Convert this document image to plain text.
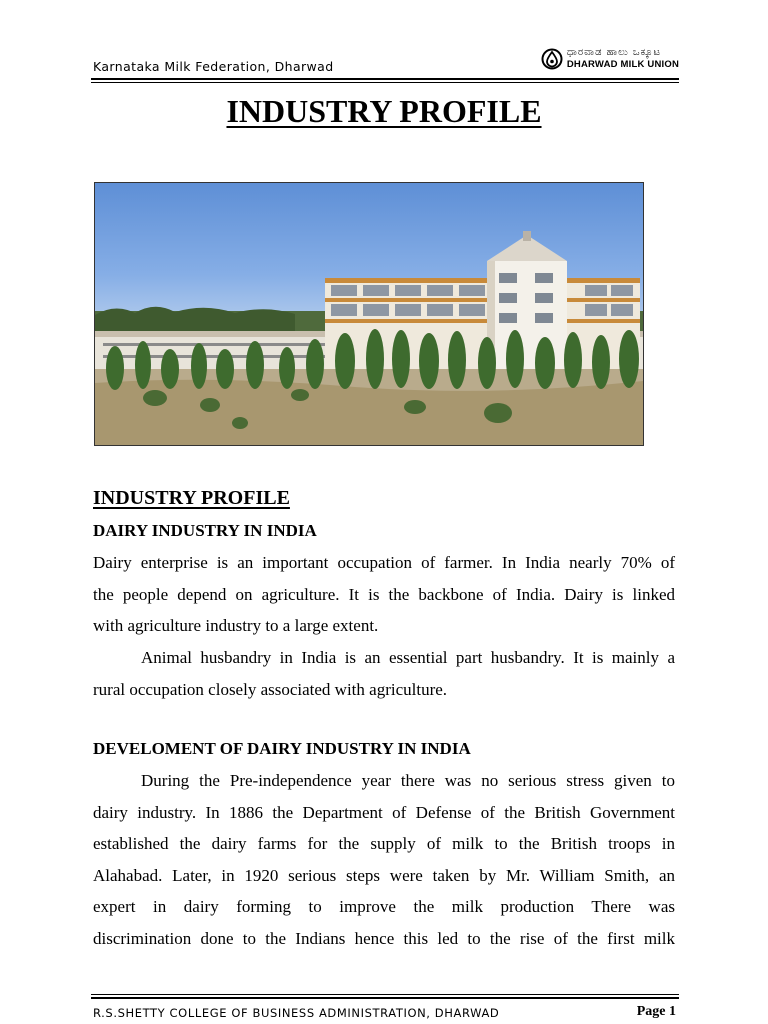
Karnataka Milk Federation, Dharwad
ಧಾರವಾಡ ಹಾಲು ಒಕ್ಕೂಟ
DHARWAD MILK UNION
INDUSTRY PROFILE
INDUSTRY PROFILE
DAIRY INDUSTRY IN INDIA

Dairy enterprise is an important occupation of farmer. In India nearly 70% of
the people depend on agriculture. It is the backbone of India. Dairy is linked
with agriculture industry to a large extent.

Animal husbandry in India is an essential part husbandry. It is mainly a
rural occupation closely associated with agriculture.

DEVELOMENT OF DAIRY INDUSTRY IN INDIA

During the Pre-independence year there was no serious stress given to
dairy industry. In 1886 the Department of Defense of the British Government
established the dairy farms for the supply of milk to the British troops in
Alahabad. Later, in 1920 serious steps were taken by Mr. William Smith, an
expert in dairy forming to improve the milk production There was
discrimination done to the Indians hence this led to the rise of the first milk

R.S.SHETTY COLLEGE OF BUSINESS ADMINISTRATION, DHARWAD	Page 1
